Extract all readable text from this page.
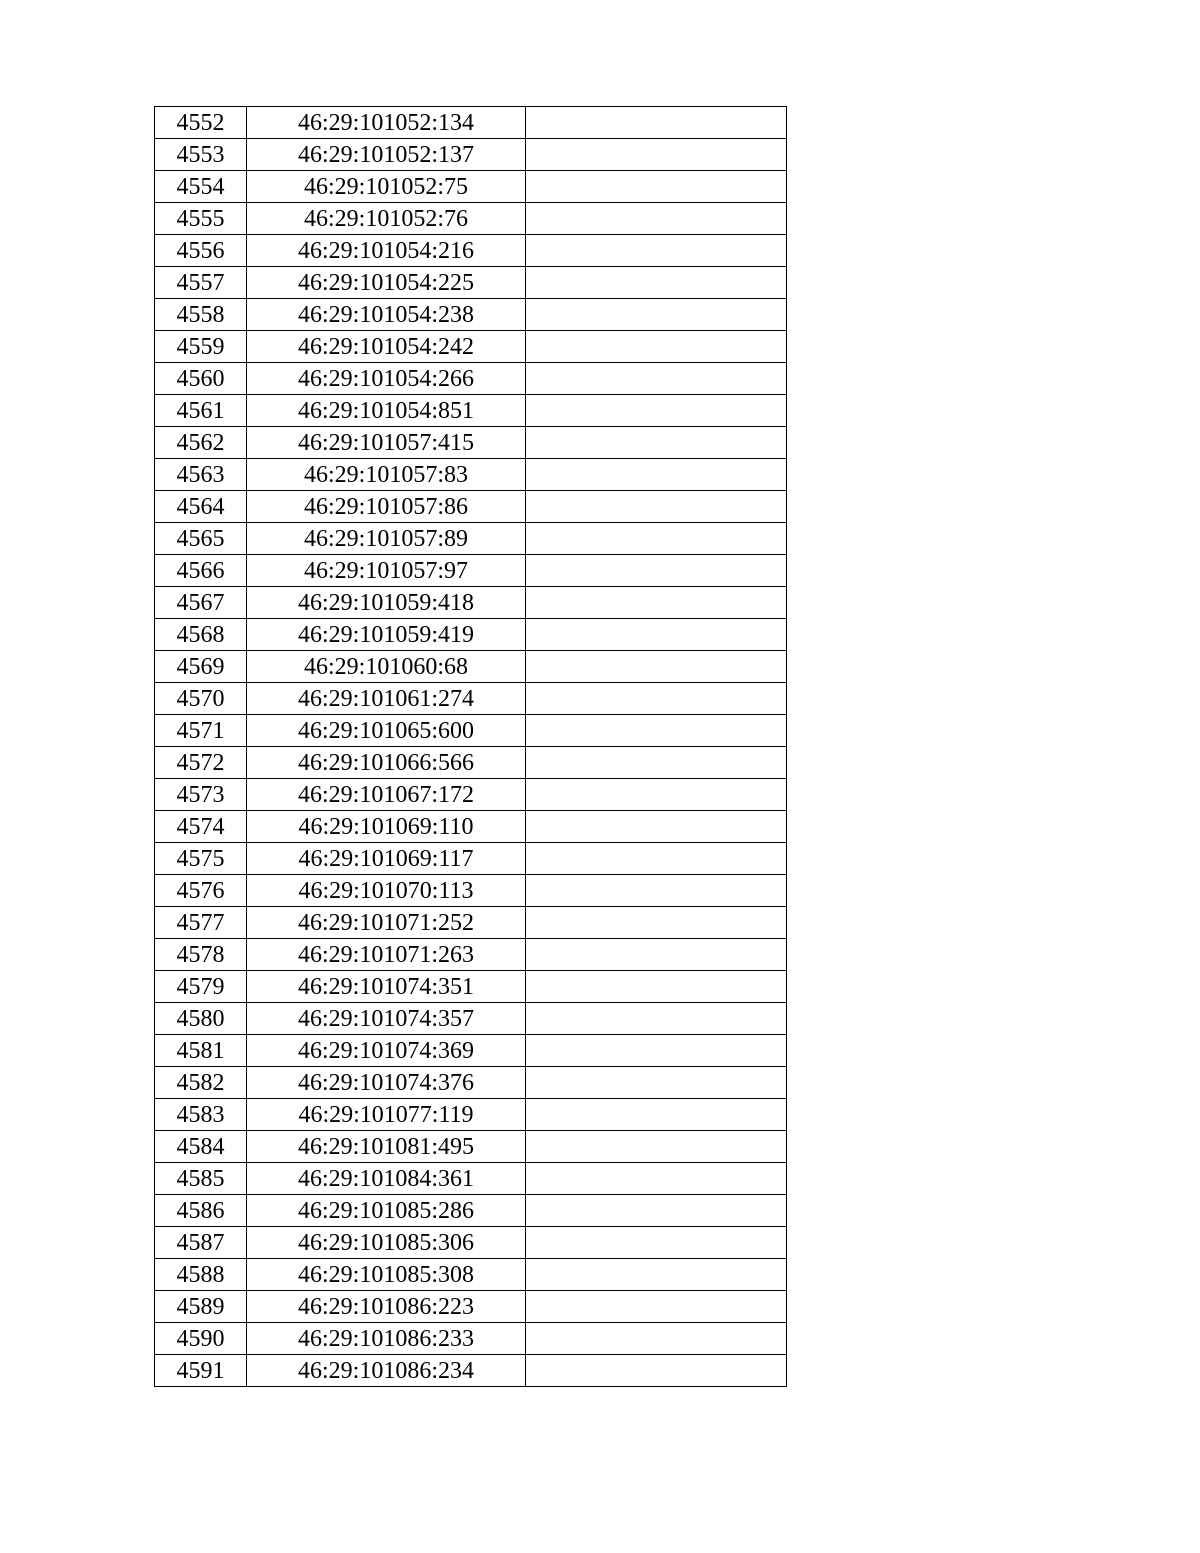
4552	46:29:101052:134	
4553	46:29:101052:137	
4554	46:29:101052:75	
4555	46:29:101052:76	
4556	46:29:101054:216	
4557	46:29:101054:225	
4558	46:29:101054:238	
4559	46:29:101054:242	
4560	46:29:101054:266	
4561	46:29:101054:851	
4562	46:29:101057:415	
4563	46:29:101057:83	
4564	46:29:101057:86	
4565	46:29:101057:89	
4566	46:29:101057:97	
4567	46:29:101059:418	
4568	46:29:101059:419	
4569	46:29:101060:68	
4570	46:29:101061:274	
4571	46:29:101065:600	
4572	46:29:101066:566	
4573	46:29:101067:172	
4574	46:29:101069:110	
4575	46:29:101069:117	
4576	46:29:101070:113	
4577	46:29:101071:252	
4578	46:29:101071:263	
4579	46:29:101074:351	
4580	46:29:101074:357	
4581	46:29:101074:369	
4582	46:29:101074:376	
4583	46:29:101077:119	
4584	46:29:101081:495	
4585	46:29:101084:361	
4586	46:29:101085:286	
4587	46:29:101085:306	
4588	46:29:101085:308	
4589	46:29:101086:223	
4590	46:29:101086:233	
4591	46:29:101086:234	
